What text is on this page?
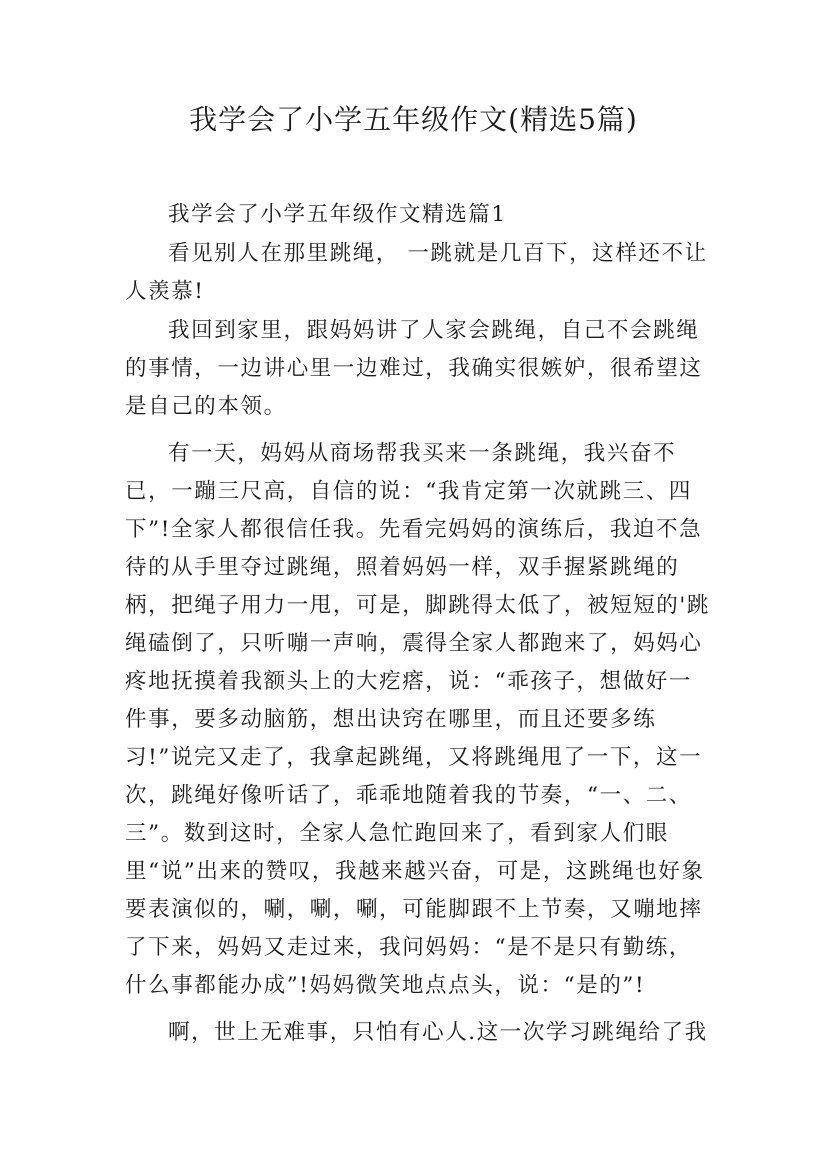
我学会了小学五年级作文(精选5篇)

我学会了小学五年级作文精选篇1

看见别人在那里跳绳， 一跳就是几百下，这样还不让人羡慕!

我回到家里，跟妈妈讲了人家会跳绳，自己不会跳绳的事情，一边讲心里一边难过，我确实很嫉妒，很希望这是自己的本领。

有一天，妈妈从商场帮我买来一条跳绳，我兴奋不已，一蹦三尺高，自信的说：“我肯定第一次就跳三、四下”!全家人都很信任我。先看完妈妈的演练后，我迫不急待的从手里夺过跳绳，照着妈妈一样，双手握紧跳绳的柄，把绳子用力一甩，可是，脚跳得太低了，被短短的'跳绳磕倒了，只听嘣一声响，震得全家人都跑来了，妈妈心疼地抚摸着我额头上的大疙瘩，说：“乖孩子，想做好一件事，要多动脑筋，想出诀窍在哪里，而且还要多练习!”说完又走了，我拿起跳绳，又将跳绳甩了一下，这一次，跳绳好像听话了，乖乖地随着我的节奏，“一、二、三”。数到这时，全家人急忙跑回来了，看到家人们眼里“说”出来的赞叹，我越来越兴奋，可是，这跳绳也好象要表演似的，唰，唰，唰，可能脚跟不上节奏，又嘣地摔了下来，妈妈又走过来，我问妈妈：“是不是只有勤练，什么事都能办成”!妈妈微笑地点点头，说：“是的”!

啊，世上无难事，只怕有心人.这一次学习跳绳给了我
